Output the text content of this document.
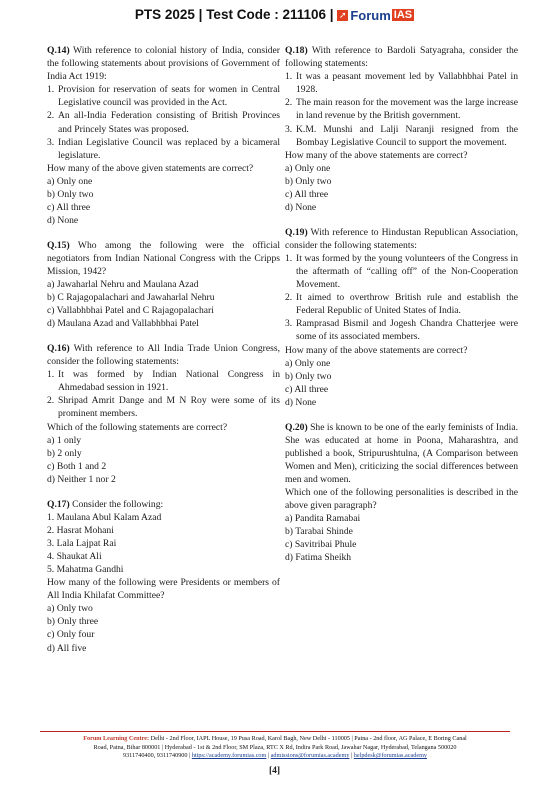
PTS 2025 | Test Code : 211106 | ➚ Forum IAS
Q.14) With reference to colonial history of India, consider the following statements about provisions of Government of India Act 1919:
1. Provision for reservation of seats for women in Central Legislative council was provided in the Act.
2. An all-India Federation consisting of British Provinces and Princely States was proposed.
3. Indian Legislative Council was replaced by a bicameral legislature.
How many of the above given statements are correct?
a) Only one
b) Only two
c) All three
d) None
Q.15) Who among the following were the official negotiators from Indian National Congress with the Cripps Mission, 1942?
a) Jawaharlal Nehru and Maulana Azad
b) C Rajagopalachari and Jawaharlal Nehru
c) Vallabhbhai Patel and C Rajagopalachari
d) Maulana Azad and Vallabhbhai Patel
Q.16) With reference to All India Trade Union Congress, consider the following statements:
1. It was formed by Indian National Congress in Ahmedabad session in 1921.
2. Shripad Amrit Dange and M N Roy were some of its prominent members.
Which of the following statements are correct?
a) 1 only
b) 2 only
c) Both 1 and 2
d) Neither 1 nor 2
Q.17) Consider the following:
1. Maulana Abul Kalam Azad
2. Hasrat Mohani
3. Lala Lajpat Rai
4. Shaukat Ali
5. Mahatma Gandhi
How many of the following were Presidents or members of All India Khilafat Committee?
a) Only two
b) Only three
c) Only four
d) All five
Q.18) With reference to Bardoli Satyagraha, consider the following statements:
1. It was a peasant movement led by Vallabhbhai Patel in 1928.
2. The main reason for the movement was the large increase in land revenue by the British government.
3. K.M. Munshi and Lalji Naranji resigned from the Bombay Legislative Council to support the movement.
How many of the above statements are correct?
a) Only one
b) Only two
c) All three
d) None
Q.19) With reference to Hindustan Republican Association, consider the following statements:
1. It was formed by the young volunteers of the Congress in the aftermath of “calling off” of the Non-Cooperation Movement.
2. It aimed to overthrow British rule and establish the Federal Republic of United States of India.
3. Ramprasad Bismil and Jogesh Chandra Chatterjee were some of its associated members.
How many of the above statements are correct?
a) Only one
b) Only two
c) All three
d) None
Q.20) She is known to be one of the early feminists of India. She was educated at home in Poona, Maharashtra, and published a book, Stripurushtulna, (A Comparison between Women and Men), criticizing the social differences between men and women.
Which one of the following personalities is described in the above given paragraph?
a) Pandita Ramabai
b) Tarabai Shinde
c) Savitribai Phule
d) Fatima Sheikh
Forum Learning Centre: Delhi - 2nd Floor, IAPL House, 19 Pusa Road, Karol Bagh, New Delhi - 110005 | Patna - 2nd floor, AG Palace, E Boring Canal
Road, Patna, Bihar 800001 | Hyderabad - 1st & 2nd Floor, SM Plaza, RTC X Rd, Indira Park Road, Jawahar Nagar, Hyderabad, Telangana 500020
9311740400, 9311740900 | https://academy.forumias.com | admissions@forumias.academy | helpdesk@forumias.academy
[4]
